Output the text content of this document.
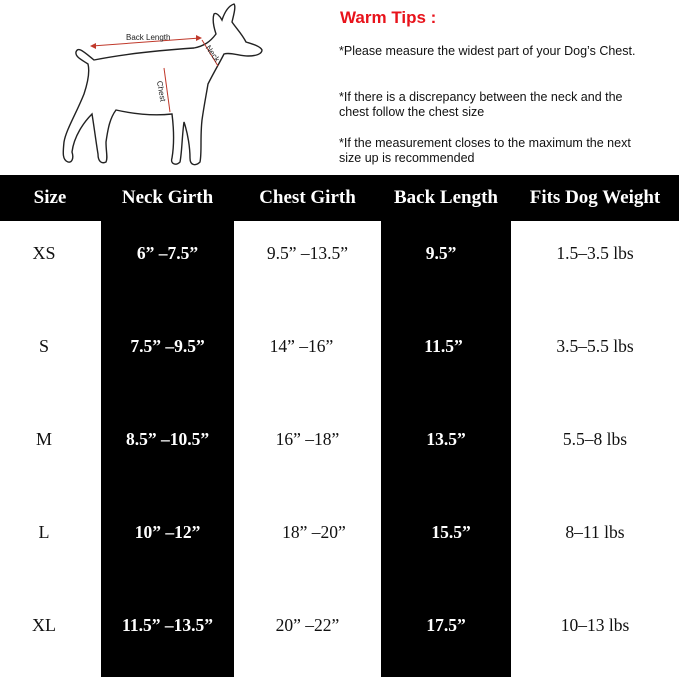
Back Length
Neck
Chest
Warm Tips :
*Please measure the widest part of your Dog’s Chest.
*If there is a discrepancy between the neck and the chest follow the chest size
*If the measurement closes to the maximum the next size up is recommended
Size	Neck Girth	Chest Girth	Back Length	Fits Dog Weight
XS	6” –7.5”	9.5” –13.5”	9.5”	1.5–3.5 lbs
S	7.5” –9.5”	14” –16”	11.5”	3.5–5.5 lbs
M	8.5” –10.5”	16” –18”	13.5”	5.5–8 lbs
L	10” –12”	18” –20”	15.5”	8–11 lbs
XL	11.5” –13.5”	20” –22”	17.5”	10–13 lbs
